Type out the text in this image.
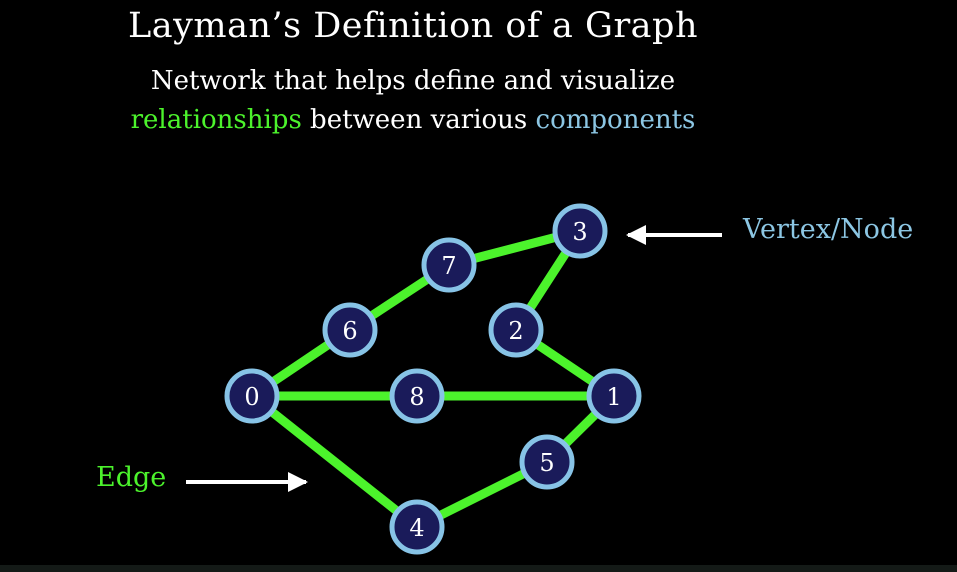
Layman’s Definition of a Graph
Network that helps define and visualize
relationships between various components
0	1
2
3
4
5
6
7
8
Vertex/Node
Edge
